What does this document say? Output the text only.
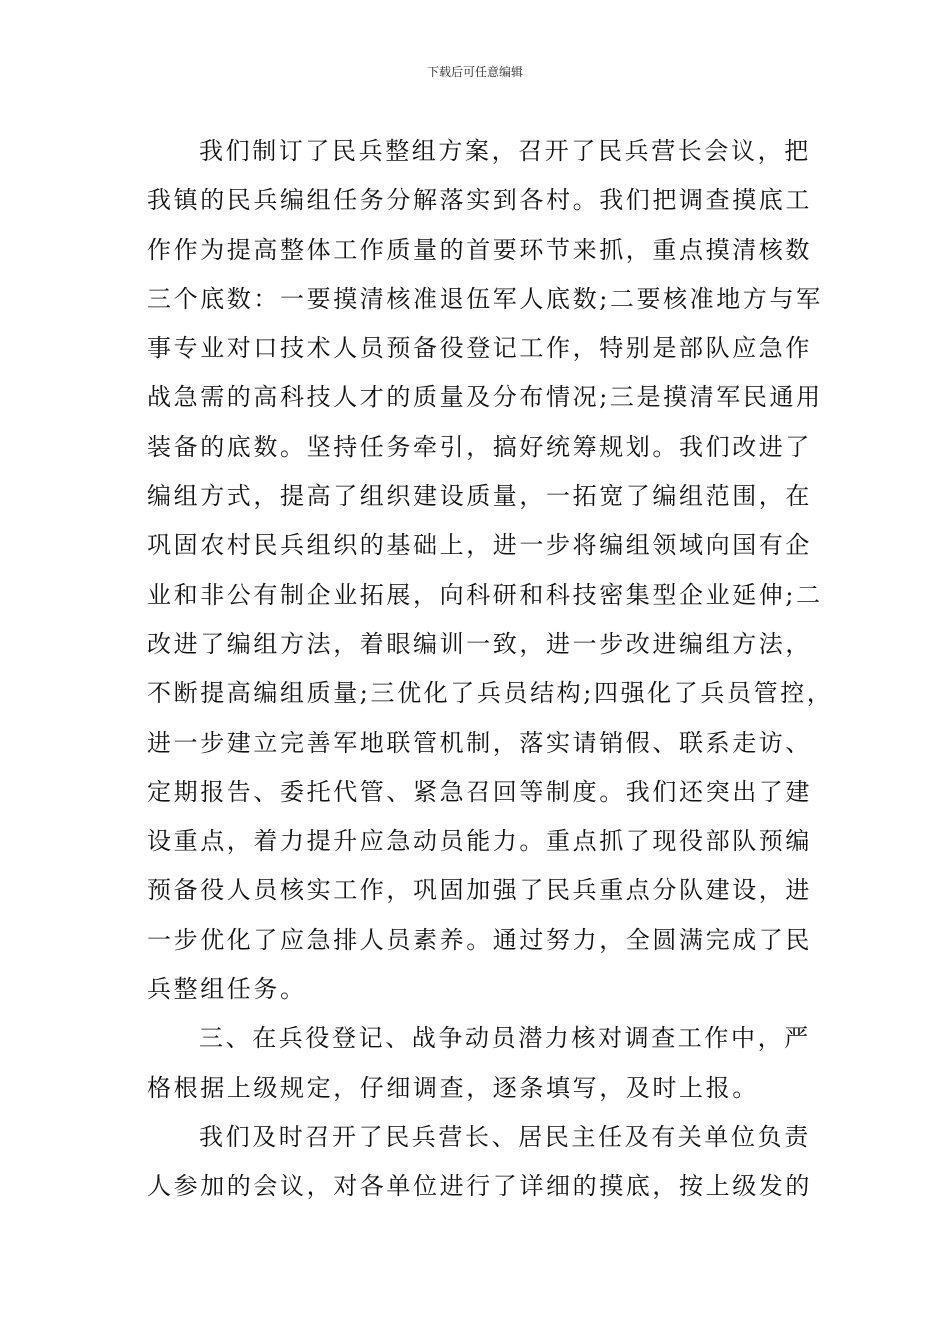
下载后可任意编辑
我们制订了民兵整组方案，召开了民兵营长会议，把
我镇的民兵编组任务分解落实到各村。我们把调查摸底工
作作为提高整体工作质量的首要环节来抓，重点摸清核数
三个底数：一要摸清核准退伍军人底数;二要核准地方与军
事专业对口技术人员预备役登记工作，特别是部队应急作
战急需的高科技人才的质量及分布情况;三是摸清军民通用
装备的底数。坚持任务牵引，搞好统筹规划。我们改进了
编组方式，提高了组织建设质量，一拓宽了编组范围，在
巩固农村民兵组织的基础上，进一步将编组领域向国有企
业和非公有制企业拓展，向科研和科技密集型企业延伸;二
改进了编组方法，着眼编训一致，进一步改进编组方法，
不断提高编组质量;三优化了兵员结构;四强化了兵员管控，
进一步建立完善军地联管机制，落实请销假、联系走访、
定期报告、委托代管、紧急召回等制度。我们还突出了建
设重点，着力提升应急动员能力。重点抓了现役部队预编
预备役人员核实工作，巩固加强了民兵重点分队建设，进
一步优化了应急排人员素养。通过努力，全圆满完成了民
兵整组任务。
三、在兵役登记、战争动员潜力核对调查工作中，严
格根据上级规定，仔细调查，逐条填写，及时上报。
我们及时召开了民兵营长、居民主任及有关单位负责
人参加的会议，对各单位进行了详细的摸底，按上级发的
